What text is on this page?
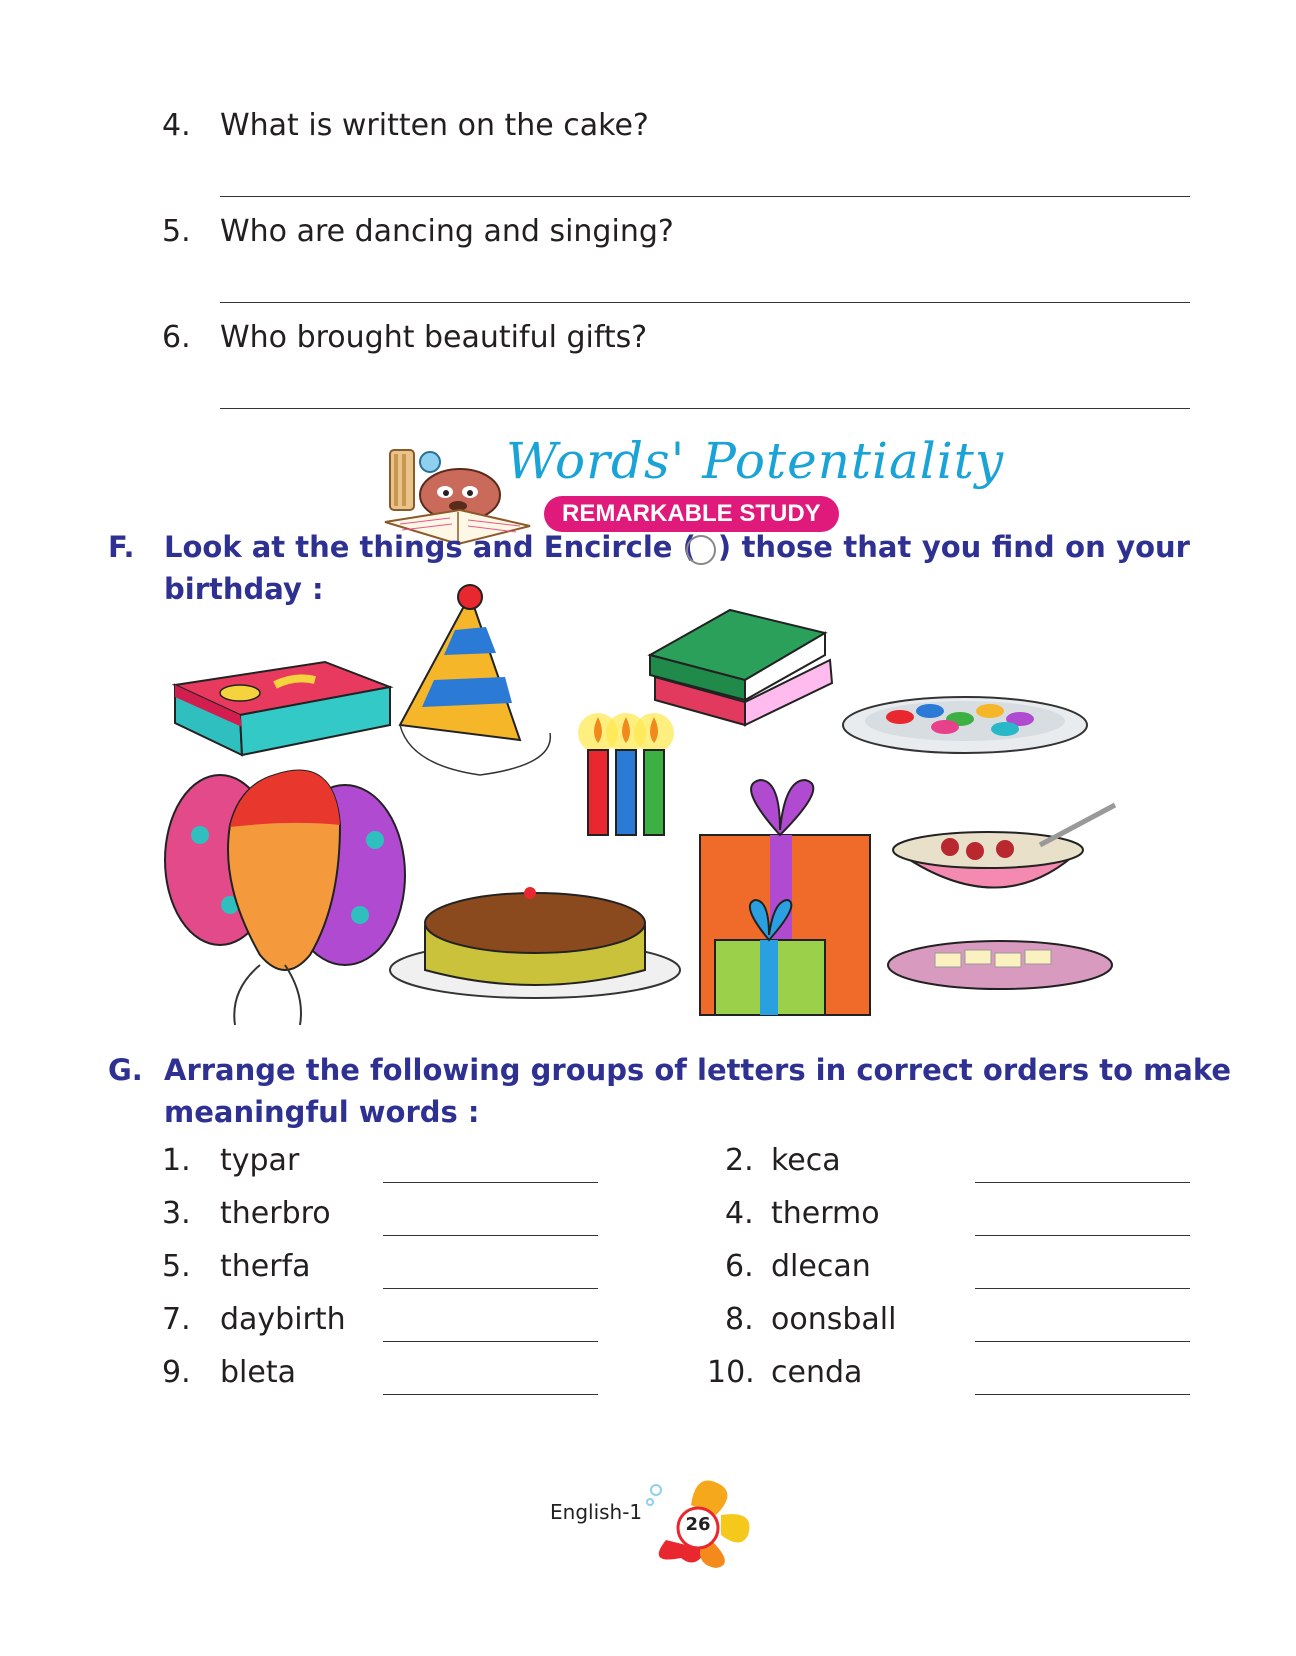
4. What is written on the cake?
5. Who are dancing and singing?
6. Who brought beautiful gifts?
Words' Potentiality
REMARKABLE STUDY
F. Look at the things and Encircle ( ) those that you find on your
birthday :
G. Arrange the following groups of letters in correct orders to make
meaningful words :
1. typar
3. therbro
5. therfa
7. daybirth
9. bleta
2. keca
4. thermo
6. dlecan
8. oonsball
10. cenda
English-1
26
